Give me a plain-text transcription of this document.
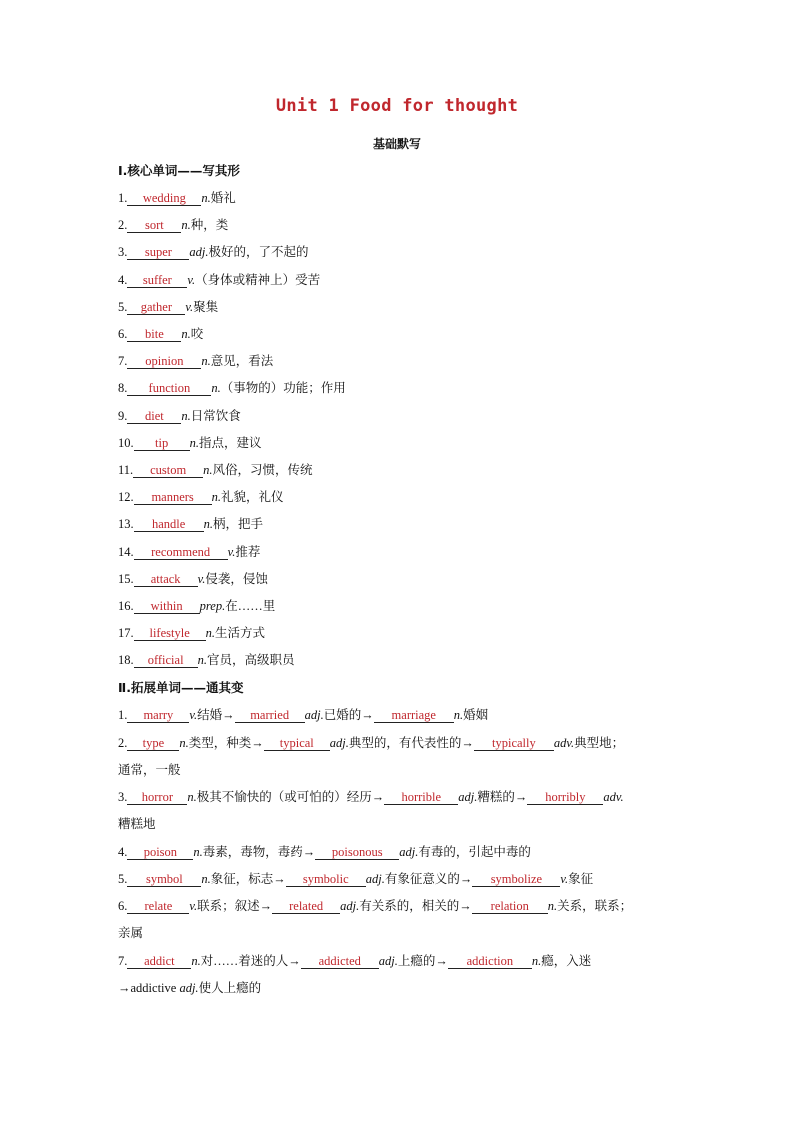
Unit 1 Food for thought
基础默写
Ⅰ.核心单词——写其形
1. wedding n.婚礼
2. sort n.种，类
3. super adj.极好的，了不起的
4. suffer v.（身体或精神上）受苦
5. gather v.聚集
6. bite n.咬
7. opinion n.意见，看法
8. function n.（事物的）功能；作用
9. diet n.日常饮食
10. tip n.指点，建议
11. custom n.风俗，习惯，传统
12. manners n.礼貌，礼仪
13. handle n.柄，把手
14. recommend v.推荐
15. attack v.侵袭，侵蚀
16. within prep.在……里
17. lifestyle n.生活方式
18. official n.官员，高级职员
Ⅱ.拓展单词——通其变
1. marry v.结婚→ married adj.已婚的→ marriage n.婚姻
2. type n.类型，种类→ typical adj.典型的，有代表性的→ typically adv.典型地；
通常，一般
3. horror n.极其不愉快的（或可怕的）经历→ horrible adj.糟糕的→ horribly adv.
糟糕地
4. poison n.毒素，毒物，毒药→ poisonous adj.有毒的，引起中毒的
5. symbol n.象征，标志→ symbolic adj.有象征意义的→ symbolize v.象征
6. relate v.联系；叙述→ related adj.有关系的，相关的→ relation n.关系，联系；
亲属
7. addict n.对……着迷的人→ addicted adj.上瘾的→ addiction n.瘾，入迷
→addictive adj.使人上瘾的
